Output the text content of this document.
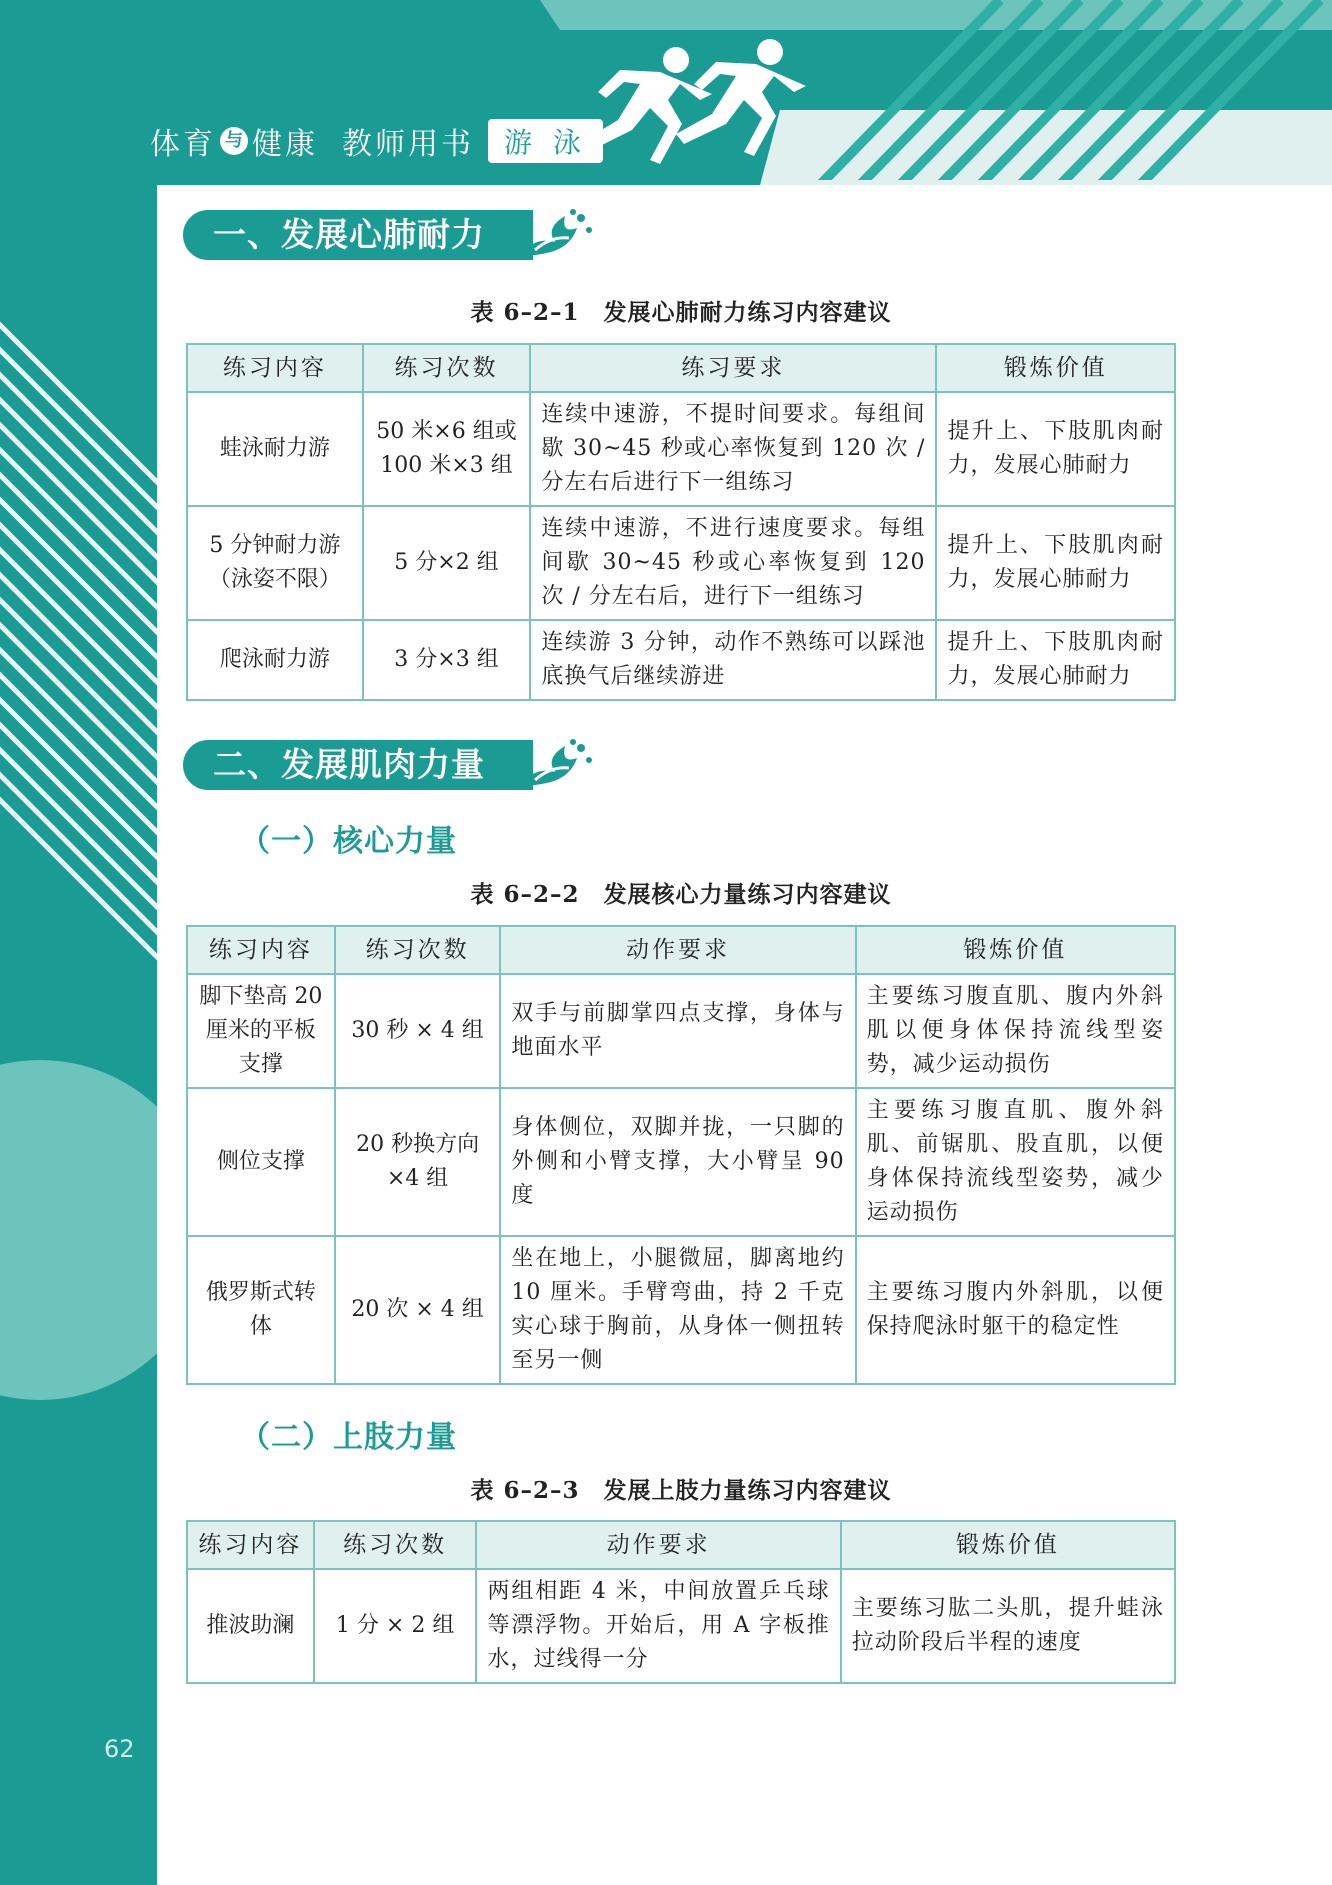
体育 与 健康 教师用书	游 泳
一、发展心肺耐力
表 6–2–1　发展心肺耐力练习内容建议
练习内容	练习次数	练习要求	锻炼价值
蛙泳耐力游	50 米×6 组或 100 米×3 组	连续中速游，不提时间要求。每组间歇 30~45 秒或心率恢复到 120 次 / 分左右后进行下一组练习	提升上、下肢肌肉耐力，发展心肺耐力
5 分钟耐力游（泳姿不限）	5 分×2 组	连续中速游，不进行速度要求。每组间歇 30~45 秒或心率恢复到 120 次 / 分左右后，进行下一组练习	提升上、下肢肌肉耐力，发展心肺耐力
爬泳耐力游	3 分×3 组	连续游 3 分钟，动作不熟练可以踩池底换气后继续游进	提升上、下肢肌肉耐力，发展心肺耐力
二、发展肌肉力量
（一）核心力量
表 6–2–2　发展核心力量练习内容建议
练习内容	练习次数	动作要求	锻炼价值
脚下垫高 20 厘米的平板支撑	30 秒 × 4 组	双手与前脚掌四点支撑，身体与地面水平	主要练习腹直肌、腹内外斜肌以便身体保持流线型姿势，减少运动损伤
侧位支撑	20 秒换方向×4 组	身体侧位，双脚并拢，一只脚的外侧和小臂支撑，大小臂呈 90 度	主要练习腹直肌、腹外斜肌、前锯肌、股直肌，以便身体保持流线型姿势，减少运动损伤
俄罗斯式转体	20 次 × 4 组	坐在地上，小腿微屈，脚离地约 10 厘米。手臂弯曲，持 2 千克实心球于胸前，从身体一侧扭转至另一侧	主要练习腹内外斜肌，以便保持爬泳时躯干的稳定性
（二）上肢力量
表 6–2–3　发展上肢力量练习内容建议
练习内容	练习次数	动作要求	锻炼价值
推波助澜	1 分 × 2 组	两组相距 4 米，中间放置乒乓球等漂浮物。开始后，用 A 字板推水，过线得一分	主要练习肱二头肌，提升蛙泳拉动阶段后半程的速度
62
